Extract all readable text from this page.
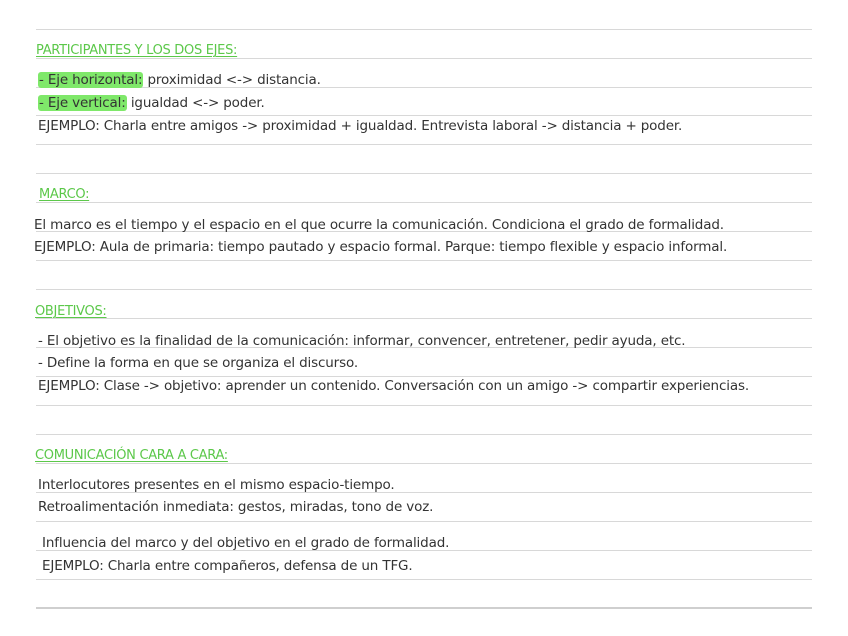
PARTICIPANTES Y LOS DOS EJES:
- Eje horizontal: proximidad <-> distancia.
- Eje vertical: igualdad <-> poder.
EJEMPLO: Charla entre amigos -> proximidad + igualdad. Entrevista laboral -> distancia + poder.
MARCO:
El marco es el tiempo y el espacio en el que ocurre la comunicación. Condiciona el grado de formalidad.
EJEMPLO: Aula de primaria: tiempo pautado y espacio formal. Parque: tiempo flexible y espacio informal.
OBJETIVOS:
- El objetivo es la finalidad de la comunicación: informar, convencer, entretener, pedir ayuda, etc.
- Define la forma en que se organiza el discurso.
EJEMPLO: Clase -> objetivo: aprender un contenido. Conversación con un amigo -> compartir experiencias.
COMUNICACIÓN CARA A CARA:
Interlocutores presentes en el mismo espacio-tiempo.
Retroalimentación inmediata: gestos, miradas, tono de voz.
Influencia del marco y del objetivo en el grado de formalidad.
EJEMPLO: Charla entre compañeros, defensa de un TFG.
